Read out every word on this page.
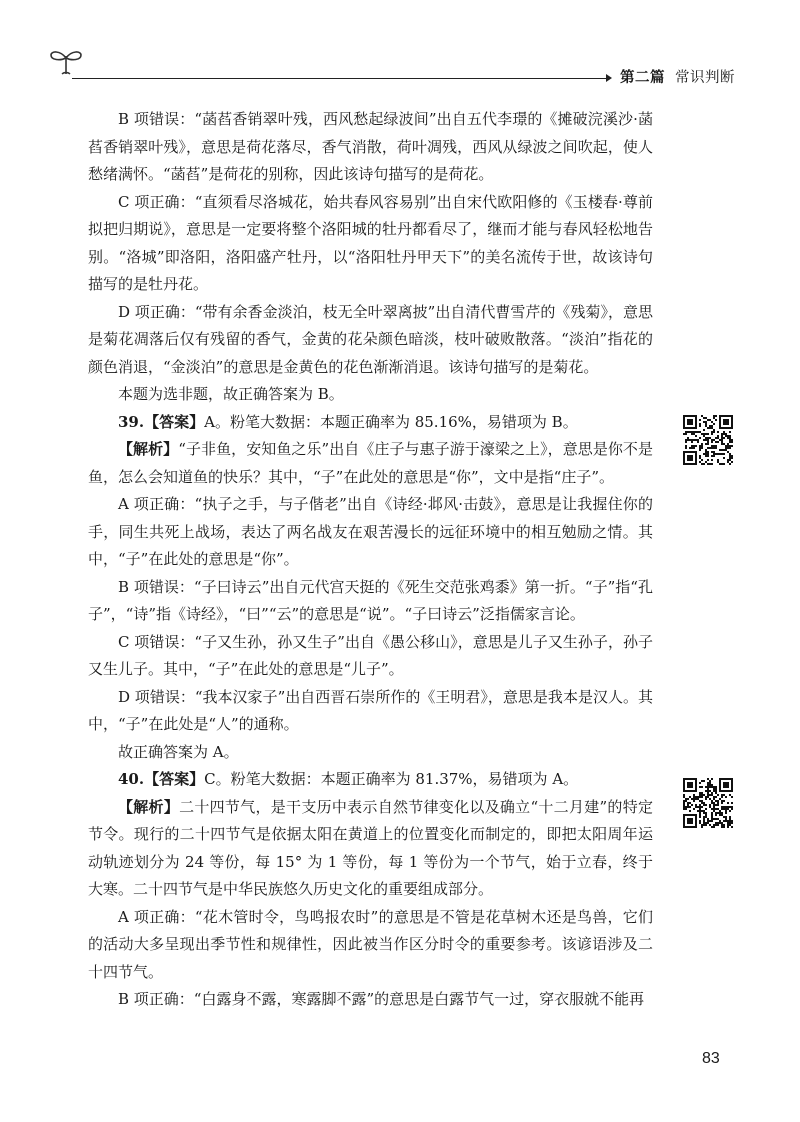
第二篇 常识判断

B 项错误：“菡萏香销翠叶残，西风愁起绿波间”出自五代李璟的《摊破浣溪沙·菡萏香销翠叶残》，意思是荷花落尽，香气消散，荷叶凋残，西风从绿波之间吹起，使人愁绪满怀。“菡萏”是荷花的别称，因此该诗句描写的是荷花。

C 项正确：“直须看尽洛城花，始共春风容易别”出自宋代欧阳修的《玉楼春·尊前拟把归期说》，意思是一定要将整个洛阳城的牡丹都看尽了，继而才能与春风轻松地告别。“洛城”即洛阳，洛阳盛产牡丹，以“洛阳牡丹甲天下”的美名流传于世，故该诗句描写的是牡丹花。

D 项正确：“带有余香金淡泊，枝无全叶翠离披”出自清代曹雪芹的《残菊》，意思是菊花凋落后仅有残留的香气，金黄的花朵颜色暗淡，枝叶破败散落。“淡泊”指花的颜色消退，“金淡泊”的意思是金黄色的花色渐渐消退。该诗句描写的是菊花。

本题为选非题，故正确答案为 B。

39.【答案】A。粉笔大数据：本题正确率为 85.16%，易错项为 B。

【解析】“子非鱼，安知鱼之乐”出自《庄子与惠子游于濠梁之上》，意思是你不是鱼，怎么会知道鱼的快乐？其中，“子”在此处的意思是“你”，文中是指“庄子”。

A 项正确：“执子之手，与子偕老”出自《诗经·邶风·击鼓》，意思是让我握住你的手，同生共死上战场，表达了两名战友在艰苦漫长的远征环境中的相互勉励之情。其中，“子”在此处的意思是“你”。

B 项错误：“子曰诗云”出自元代宫天挺的《死生交范张鸡黍》第一折。“子”指“孔子”，“诗”指《诗经》，“曰”“云”的意思是“说”。“子曰诗云”泛指儒家言论。

C 项错误：“子又生孙，孙又生子”出自《愚公移山》，意思是儿子又生孙子，孙子又生儿子。其中，“子”在此处的意思是“儿子”。

D 项错误：“我本汉家子”出自西晋石崇所作的《王明君》，意思是我本是汉人。其中，“子”在此处是“人”的通称。

故正确答案为 A。

40.【答案】C。粉笔大数据：本题正确率为 81.37%，易错项为 A。

【解析】二十四节气，是干支历中表示自然节律变化以及确立“十二月建”的特定节令。现行的二十四节气是依据太阳在黄道上的位置变化而制定的，即把太阳周年运动轨迹划分为 24 等份，每 15° 为 1 等份，每 1 等份为一个节气，始于立春，终于大寒。二十四节气是中华民族悠久历史文化的重要组成部分。

A 项正确：“花木管时令，鸟鸣报农时”的意思是不管是花草树木还是鸟兽，它们的活动大多呈现出季节性和规律性，因此被当作区分时令的重要参考。该谚语涉及二十四节气。

B 项正确：“白露身不露，寒露脚不露”的意思是白露节气一过，穿衣服就不能再

83
